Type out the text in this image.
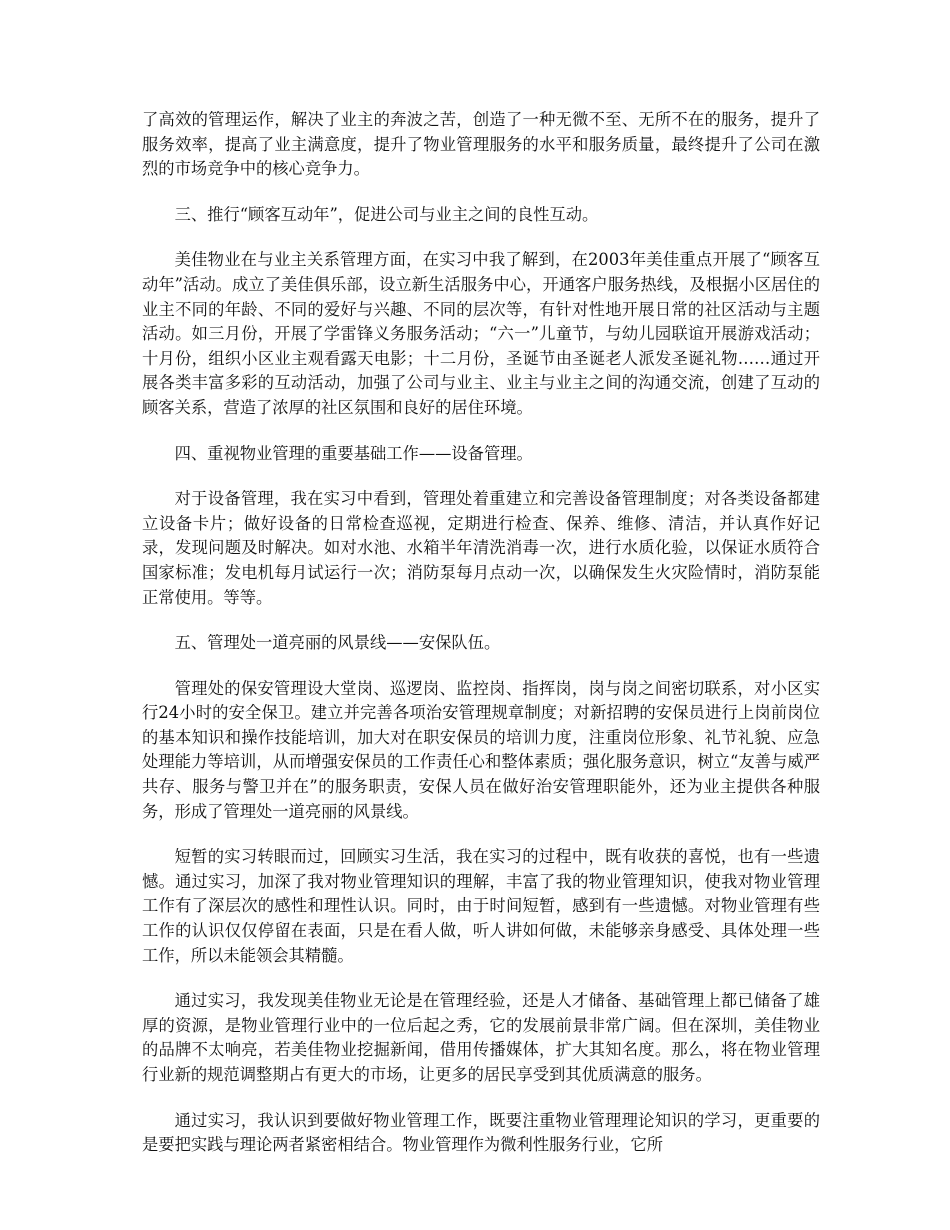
了高效的管理运作，解决了业主的奔波之苦，创造了一种无微不至、无所不在的服务，提升了服务效率，提高了业主满意度，提升了物业管理服务的水平和服务质量，最终提升了公司在激烈的市场竞争中的核心竞争力。

三、推行“顾客互动年”，促进公司与业主之间的良性互动。

美佳物业在与业主关系管理方面，在实习中我了解到，在2003年美佳重点开展了“顾客互动年”活动。成立了美佳俱乐部，设立新生活服务中心，开通客户服务热线，及根据小区居住的业主不同的年龄、不同的爱好与兴趣、不同的层次等，有针对性地开展日常的社区活动与主题活动。如三月份，开展了学雷锋义务服务活动；“六一”儿童节，与幼儿园联谊开展游戏活动；十月份，组织小区业主观看露天电影；十二月份，圣诞节由圣诞老人派发圣诞礼物……通过开展各类丰富多彩的互动活动，加强了公司与业主、业主与业主之间的沟通交流，创建了互动的顾客关系，营造了浓厚的社区氛围和良好的居住环境。

四、重视物业管理的重要基础工作——设备管理。

对于设备管理，我在实习中看到，管理处着重建立和完善设备管理制度；对各类设备都建立设备卡片；做好设备的日常检查巡视，定期进行检查、保养、维修、清洁，并认真作好记录，发现问题及时解决。如对水池、水箱半年清洗消毒一次，进行水质化验，以保证水质符合国家标准；发电机每月试运行一次；消防泵每月点动一次，以确保发生火灾险情时，消防泵能正常使用。等等。

五、管理处一道亮丽的风景线——安保队伍。

管理处的保安管理设大堂岗、巡逻岗、监控岗、指挥岗，岗与岗之间密切联系，对小区实行24小时的安全保卫。建立并完善各项治安管理规章制度；对新招聘的安保员进行上岗前岗位的基本知识和操作技能培训，加大对在职安保员的培训力度，注重岗位形象、礼节礼貌、应急处理能力等培训，从而增强安保员的工作责任心和整体素质；强化服务意识，树立“友善与威严共存、服务与警卫并在”的服务职责，安保人员在做好治安管理职能外，还为业主提供各种服务，形成了管理处一道亮丽的风景线。

短暂的实习转眼而过，回顾实习生活，我在实习的过程中，既有收获的喜悦，也有一些遗憾。通过实习，加深了我对物业管理知识的理解，丰富了我的物业管理知识，使我对物业管理工作有了深层次的感性和理性认识。同时，由于时间短暂，感到有一些遗憾。对物业管理有些工作的认识仅仅停留在表面，只是在看人做，听人讲如何做，未能够亲身感受、具体处理一些工作，所以未能领会其精髓。

通过实习，我发现美佳物业无论是在管理经验，还是人才储备、基础管理上都已储备了雄厚的资源，是物业管理行业中的一位后起之秀，它的发展前景非常广阔。但在深圳，美佳物业的品牌不太响亮，若美佳物业挖掘新闻，借用传播媒体，扩大其知名度。那么，将在物业管理行业新的规范调整期占有更大的市场，让更多的居民享受到其优质满意的服务。

通过实习，我认识到要做好物业管理工作，既要注重物业管理理论知识的学习，更重要的是要把实践与理论两者紧密相结合。物业管理作为微利性服务行业，它所
